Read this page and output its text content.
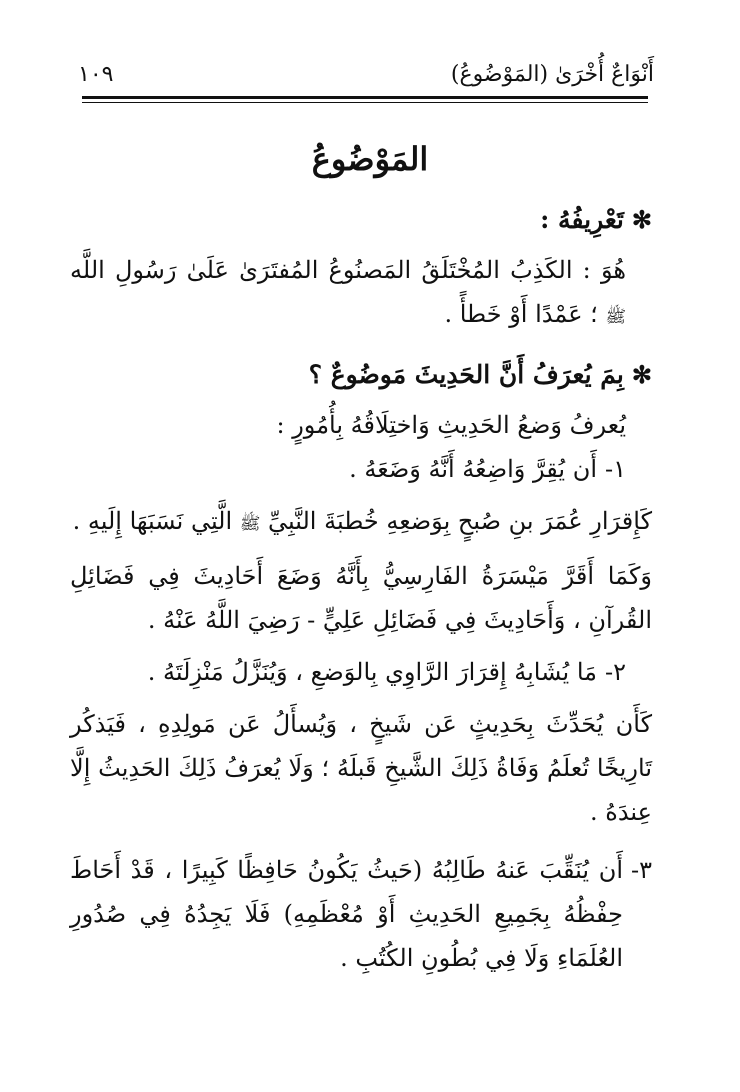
أَنْوَاعٌ أُخْرَىٰ (المَوْضُوعُ)
١٠٩
المَوْضُوعُ

✻تَعْرِيفُهُ :

هُوَ : الكَذِبُ المُخْتَلَقُ المَصنُوعُ المُفتَرَىٰ عَلَىٰ رَسُولِ اللَّه ﷺ ؛ عَمْدًا أَوْ خَطأً .

✻بِمَ يُعرَفُ أَنَّ الحَدِيثَ مَوضُوعٌ ؟

يُعرفُ وَضعُ الحَدِيثِ وَاختِلَاقُهُ بِأُمُورٍ :

١-
أَن يُقِرَّ وَاضِعُهُ أَنَّهُ وَضَعَهُ .

كَإِقرَارِ عُمَرَ بنِ صُبحٍ بِوَضعِهِ خُطبَةَ النَّبِيِّ ﷺ الَّتِي نَسَبَهَا إِلَيهِ .

وَكَمَا أَقَرَّ مَيْسَرَةُ الفَارِسِيُّ بِأَنَّهُ وَضَعَ أَحَادِيثَ فِي فَضَائِلِ القُرآنِ ، وَأَحَادِيثَ فِي فَضَائِلِ عَلِيٍّ - رَضِيَ اللَّهُ عَنْهُ .

٢-
مَا يُشَابِهُ إِقرَارَ الرَّاوِي بِالوَضعِ ، وَيُنَزَّلُ مَنْزِلَتَهُ .

كَأَن يُحَدِّثَ بِحَدِيثٍ عَن شَيخٍ ، وَيُسأَلُ عَن مَولِدِهِ ، فَيَذكُر تَارِيخًا تُعلَمُ وَفَاةُ ذَلِكَ الشَّيخِ قَبلَهُ ؛ وَلَا يُعرَفُ ذَلِكَ الحَدِيثُ إِلَّا عِندَهُ .

٣-
أَن يُنَقِّبَ عَنهُ طَالِبُهُ (حَيثُ يَكُونُ حَافِظًا كَبِيرًا ، قَدْ أَحَاطَ حِفْظُهُ بِجَمِيعِ الحَدِيثِ أَوْ مُعْظَمِهِ) فَلَا يَجِدُهُ فِي صُدُورِ العُلَمَاءِ وَلَا فِي بُطُونِ الكُتُبِ .
